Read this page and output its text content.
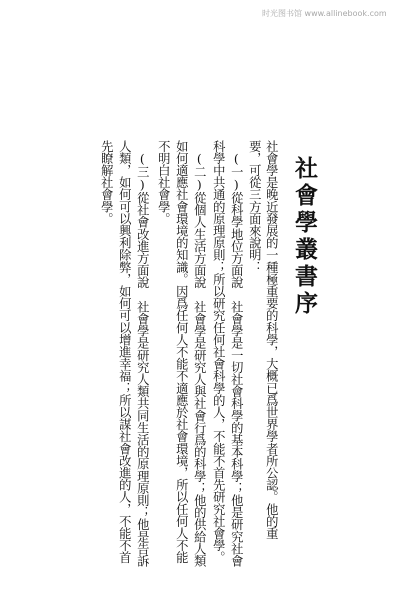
时光图书馆 www.allinebook.com
社會學叢書序
社會學是晚近發展的一種極重要的科學，大概已爲世界學者所公認。他的重
要，可從三方面來說明：
(一)從科學地位方面說　社會學是一切社會科學的基本科學；他是研究社會
科學中共通的原理原則；所以研究任何社會科學的人，不能不首先研究社會學。
(二)從個人生活方面說　社會學是研究人與社會行爲的科學；他的供給人類
如何適應社會環境的知識。因爲任何人不能不適應於社會環境，所以任何人不能
不明白社會學。
(三)從社會改進方面說　社會學是研究人類共同生活的原理原則；他是告訴
人類，如何可以興利除弊，如何可以增進幸福；所以謀社會改進的人，不能不首
先瞭解社會學。
